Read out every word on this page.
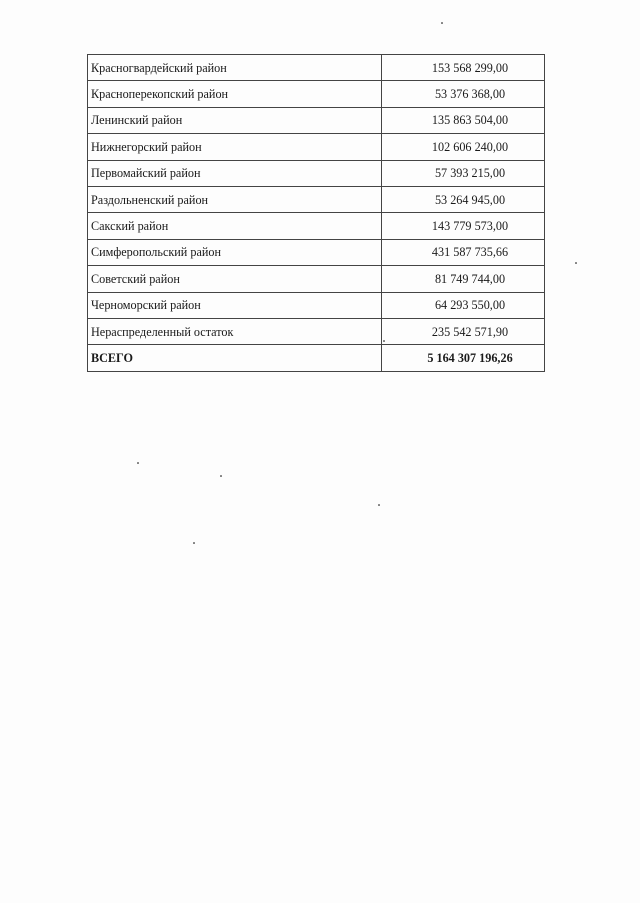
Красногвардейский район	153 568 299,00
Красноперекопский район	53 376 368,00
Ленинский район	135 863 504,00
Нижнегорский район	102 606 240,00
Первомайский район	57 393 215,00
Раздольненский район	53 264 945,00
Сакский район	143 779 573,00
Симферопольский район	431 587 735,66
Советский район	81 749 744,00
Черноморский район	64 293 550,00
Нераспределенный остаток	235 542 571,90
ВСЕГО	5 164 307 196,26
